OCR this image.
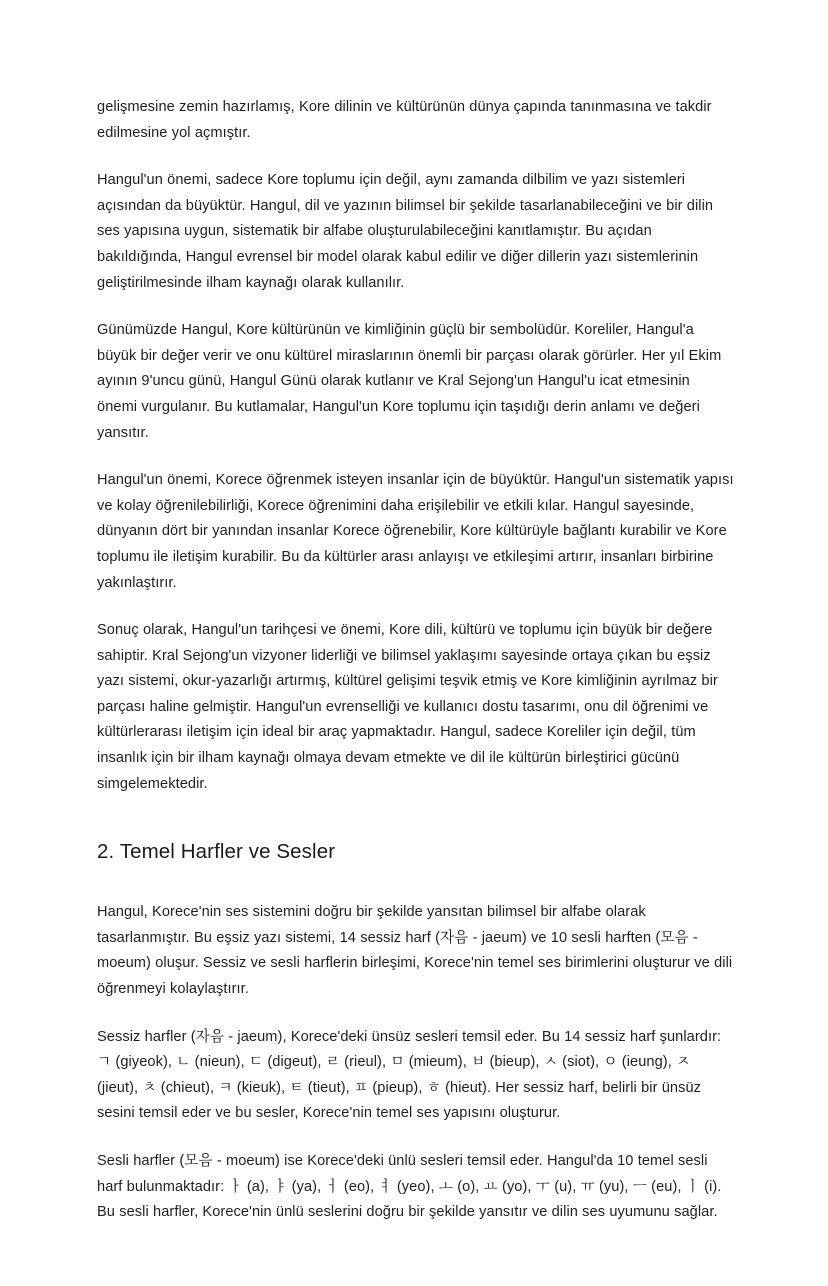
gelişmesine zemin hazırlamış, Kore dilinin ve kültürünün dünya çapında tanınmasına ve takdir edilmesine yol açmıştır.

Hangul'un önemi, sadece Kore toplumu için değil, aynı zamanda dilbilim ve yazı sistemleri açısından da büyüktür. Hangul, dil ve yazının bilimsel bir şekilde tasarlanabileceğini ve bir dilin ses yapısına uygun, sistematik bir alfabe oluşturulabileceğini kanıtlamıştır. Bu açıdan bakıldığında, Hangul evrensel bir model olarak kabul edilir ve diğer dillerin yazı sistemlerinin geliştirilmesinde ilham kaynağı olarak kullanılır.

Günümüzde Hangul, Kore kültürünün ve kimliğinin güçlü bir sembolüdür. Koreliler, Hangul'a büyük bir değer verir ve onu kültürel miraslarının önemli bir parçası olarak görürler. Her yıl Ekim ayının 9'uncu günü, Hangul Günü olarak kutlanır ve Kral Sejong'un Hangul'u icat etmesinin önemi vurgulanır. Bu kutlamalar, Hangul'un Kore toplumu için taşıdığı derin anlamı ve değeri yansıtır.

Hangul'un önemi, Korece öğrenmek isteyen insanlar için de büyüktür. Hangul'un sistematik yapısı ve kolay öğrenilebilirliği, Korece öğrenimini daha erişilebilir ve etkili kılar. Hangul sayesinde, dünyanın dört bir yanından insanlar Korece öğrenebilir, Kore kültürüyle bağlantı kurabilir ve Kore toplumu ile iletişim kurabilir. Bu da kültürler arası anlayışı ve etkileşimi artırır, insanları birbirine yakınlaştırır.

Sonuç olarak, Hangul'un tarihçesi ve önemi, Kore dili, kültürü ve toplumu için büyük bir değere sahiptir. Kral Sejong'un vizyoner liderliği ve bilimsel yaklaşımı sayesinde ortaya çıkan bu eşsiz yazı sistemi, okur-yazarlığı artırmış, kültürel gelişimi teşvik etmiş ve Kore kimliğinin ayrılmaz bir parçası haline gelmiştir. Hangul'un evrenselliği ve kullanıcı dostu tasarımı, onu dil öğrenimi ve kültürlerarası iletişim için ideal bir araç yapmaktadır. Hangul, sadece Koreliler için değil, tüm insanlık için bir ilham kaynağı olmaya devam etmekte ve dil ile kültürün birleştirici gücünü simgelemektedir.

2. Temel Harfler ve Sesler

Hangul, Korece'nin ses sistemini doğru bir şekilde yansıtan bilimsel bir alfabe olarak tasarlanmıştır. Bu eşsiz yazı sistemi, 14 sessiz harf (자음 - jaeum) ve 10 sesli harften (모음 - moeum) oluşur. Sessiz ve sesli harflerin birleşimi, Korece'nin temel ses birimlerini oluşturur ve dili öğrenmeyi kolaylaştırır.

Sessiz harfler (자음 - jaeum), Korece'deki ünsüz sesleri temsil eder. Bu 14 sessiz harf şunlardır: ㄱ (giyeok), ㄴ (nieun), ㄷ (digeut), ㄹ (rieul), ㅁ (mieum), ㅂ (bieup), ㅅ (siot), ㅇ (ieung), ㅈ (jieut), ㅊ (chieut), ㅋ (kieuk), ㅌ (tieut), ㅍ (pieup), ㅎ (hieut). Her sessiz harf, belirli bir ünsüz sesini temsil eder ve bu sesler, Korece'nin temel ses yapısını oluşturur.

Sesli harfler (모음 - moeum) ise Korece'deki ünlü sesleri temsil eder. Hangul'da 10 temel sesli harf bulunmaktadır: ㅏ (a), ㅑ (ya), ㅓ (eo), ㅕ (yeo), ㅗ (o), ㅛ (yo), ㅜ (u), ㅠ (yu), ㅡ (eu), ㅣ (i). Bu sesli harfler, Korece'nin ünlü seslerini doğru bir şekilde yansıtır ve dilin ses uyumunu sağlar.
